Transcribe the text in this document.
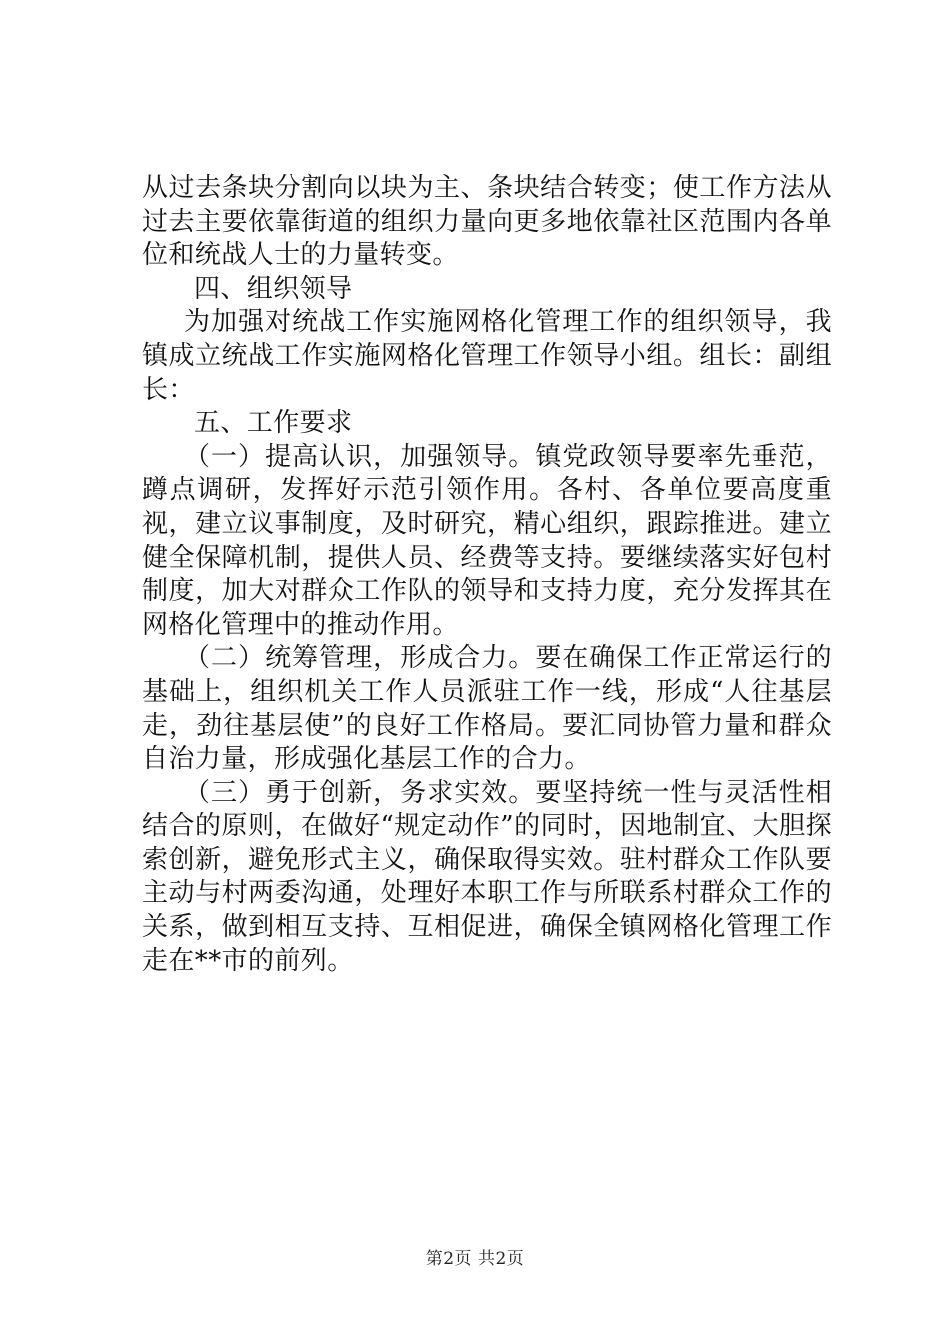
从过去条块分割向以块为主、条块结合转变；使工作方法从过去主要依靠街道的组织力量向更多地依靠社区范围内各单位和统战人士的力量转变。

四、组织领导

为加强对统战工作实施网格化管理工作的组织领导，我镇成立统战工作实施网格化管理工作领导小组。组长：副组长：

五、工作要求

（一）提高认识，加强领导。镇党政领导要率先垂范，蹲点调研，发挥好示范引领作用。各村、各单位要高度重视，建立议事制度，及时研究，精心组织，跟踪推进。建立健全保障机制，提供人员、经费等支持。要继续落实好包村制度，加大对群众工作队的领导和支持力度，充分发挥其在网格化管理中的推动作用。

（二）统筹管理，形成合力。要在确保工作正常运行的基础上，组织机关工作人员派驻工作一线，形成“人往基层走，劲往基层使”的良好工作格局。要汇同协管力量和群众自治力量，形成强化基层工作的合力。

（三）勇于创新，务求实效。要坚持统一性与灵活性相结合的原则，在做好“规定动作”的同时，因地制宜、大胆探索创新，避免形式主义，确保取得实效。驻村群众工作队要主动与村两委沟通，处理好本职工作与所联系村群众工作的关系，做到相互支持、互相促进，确保全镇网格化管理工作走在**市的前列。

第2页 共2页
